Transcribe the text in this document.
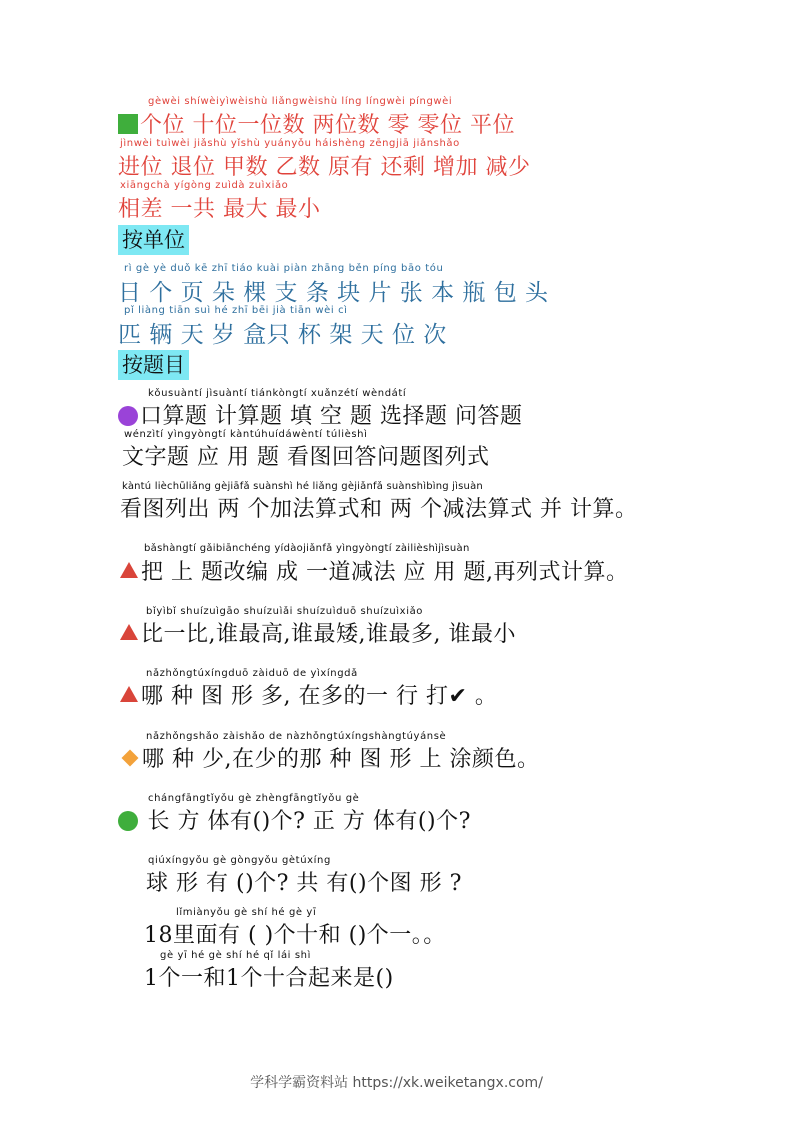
gèwèi shíwèiyìwèishù liǎngwèishù líng língwèi píngwèi
个位 十位一位数 两位数 零 零位 平位
jìnwèi tuìwèi jiǎshù yǐshù yuányǒu háishèng zēngjiā jiǎnshǎo
进位 退位 甲数 乙数 原有 还剩 增加 减少
xiāngchà yígòng zuìdà zuìxiǎo
相差 一共 最大 最小
按单位
rì gè yè duǒ kē zhī tiáo kuài piàn zhāng běn píng bāo tóu
日 个 页 朵 棵 支 条 块 片 张 本 瓶 包 头
pǐ liàng tiān suì hé zhī bēi jià tiān wèi cì
匹 辆 天 岁 盒只 杯 架 天 位 次
按题目
kǒusuàntí jìsuàntí tiánkòngtí xuǎnzétí wèndátí
口算题 计算题 填 空 题 选择题 问答题
wénzìtí yìngyòngtí kàntúhuídáwèntí túlièshì
文字题 应 用 题 看图回答问题图列式
kàntú lièchūliǎng gèjiāfǎ suànshì hé liǎng gèjiǎnfǎ suànshìbìng jìsuàn
看图列出 两 个加法算式和 两 个减法算式 并 计算。
bǎshàngtí gǎibiānchéng yídàojiǎnfǎ yìngyòngtí zàilièshìjìsuàn
把 上 题改编 成 一道减法 应 用 题,再列式计算。
bǐyìbǐ shuízuìgāo shuízuìǎi shuízuìduō shuízuìxiǎo
比一比,谁最高,谁最矮,谁最多, 谁最小
nǎzhǒngtúxíngduō zàiduō de yìxíngdǎ
哪 种 图 形 多, 在多的一 行 打✔ 。
nǎzhǒngshǎo zàishǎo de nàzhǒngtúxíngshàngtúyánsè
哪 种 少,在少的那 种 图 形 上 涂颜色。
chángfāngtǐyǒu gè zhèngfāngtǐyǒu gè
长 方 体有()个? 正 方 体有()个?
qiúxíngyǒu gè gòngyǒu gètúxíng
球 形 有 ()个? 共 有()个图 形 ?
lǐmiànyǒu gè shí hé gè yī
18里面有 ( )个十和 ()个一。。
gè yī hé gè shí hé qǐ lái shì
1个一和1个十合起来是()
学科学霸资料站 https://xk.weiketangx.com/
